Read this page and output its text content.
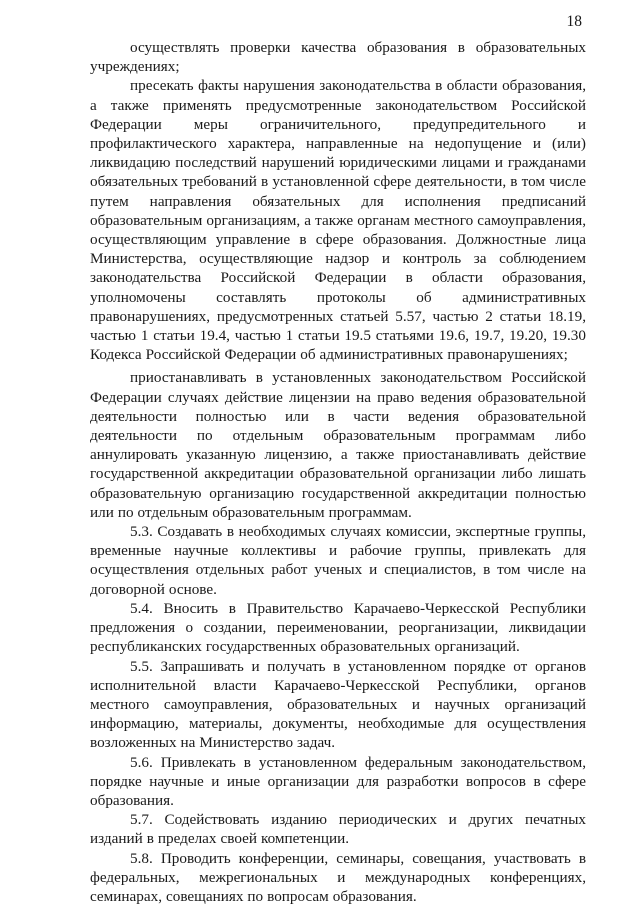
18

осуществлять проверки качества образования в образовательных учреждениях;

пресекать факты нарушения законодательства в области образования, а также применять предусмотренные законодательством Российской Федерации меры ограничительного, предупредительного и профилактического характера, направленные на недопущение и (или) ликвидацию последствий нарушений юридическими лицами и гражданами обязательных требований в установленной сфере деятельности, в том числе путем направления обязательных для исполнения предписаний образовательным организациям, а также органам местного самоуправления, осуществляющим управление в сфере образования. Должностные лица Министерства, осуществляющие надзор и контроль за соблюдением законодательства Российской Федерации в области образования, уполномочены составлять протоколы об административных правонарушениях, предусмотренных статьей 5.57, частью 2 статьи 18.19, частью 1 статьи 19.4, частью 1 статьи 19.5 статьями 19.6, 19.7, 19.20, 19.30 Кодекса Российской Федерации об административных правонарушениях;

приостанавливать в установленных законодательством Российской Федерации случаях действие лицензии на право ведения образовательной деятельности полностью или в части ведения образовательной деятельности по отдельным образовательным программам либо аннулировать указанную лицензию, а также приостанавливать действие государственной аккредитации образовательной организации либо лишать образовательную организацию государственной аккредитации полностью или по отдельным образовательным программам.

5.3. Создавать в необходимых случаях комиссии, экспертные группы, временные научные коллективы и рабочие группы, привлекать для осуществления отдельных работ ученых и специалистов, в том числе на договорной основе.

5.4. Вносить в Правительство Карачаево-Черкесской Республики предложения о создании, переименовании, реорганизации, ликвидации республиканских государственных образовательных организаций.

5.5. Запрашивать и получать в установленном порядке от органов исполнительной власти Карачаево-Черкесской Республики, органов местного самоуправления, образовательных и научных организаций информацию, материалы, документы, необходимые для осуществления возложенных на Министерство задач.

5.6. Привлекать в установленном федеральным законодательством, порядке научные и иные организации для разработки вопросов в сфере образования.

5.7. Содействовать изданию периодических и других печатных изданий в пределах своей компетенции.

5.8. Проводить конференции, семинары, совещания, участвовать в федеральных, межрегиональных и международных конференциях, семинарах, совещаниях по вопросам образования.
